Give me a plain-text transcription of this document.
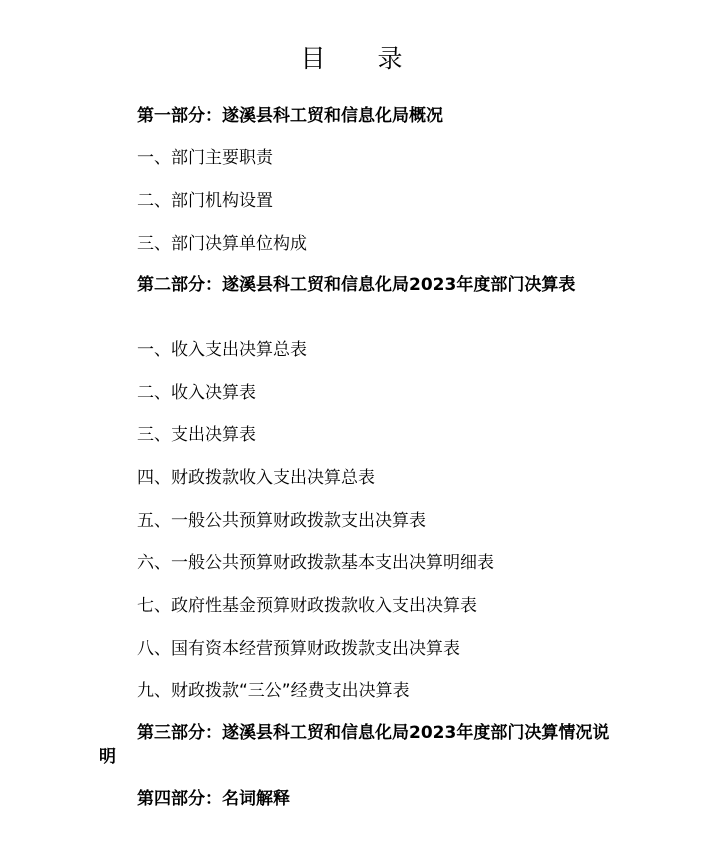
目 录
第一部分：遂溪县科工贸和信息化局概况
一、部门主要职责
二、部门机构设置
三、部门决算单位构成
第二部分：遂溪县科工贸和信息化局2023年度部门决算表
一、收入支出决算总表
二、收入决算表
三、支出决算表
四、财政拨款收入支出决算总表
五、一般公共预算财政拨款支出决算表
六、一般公共预算财政拨款基本支出决算明细表
七、政府性基金预算财政拨款收入支出决算表
八、国有资本经营预算财政拨款支出决算表
九、财政拨款“三公”经费支出决算表
第三部分：遂溪县科工贸和信息化局2023年度部门决算情况说明
第四部分：名词解释
